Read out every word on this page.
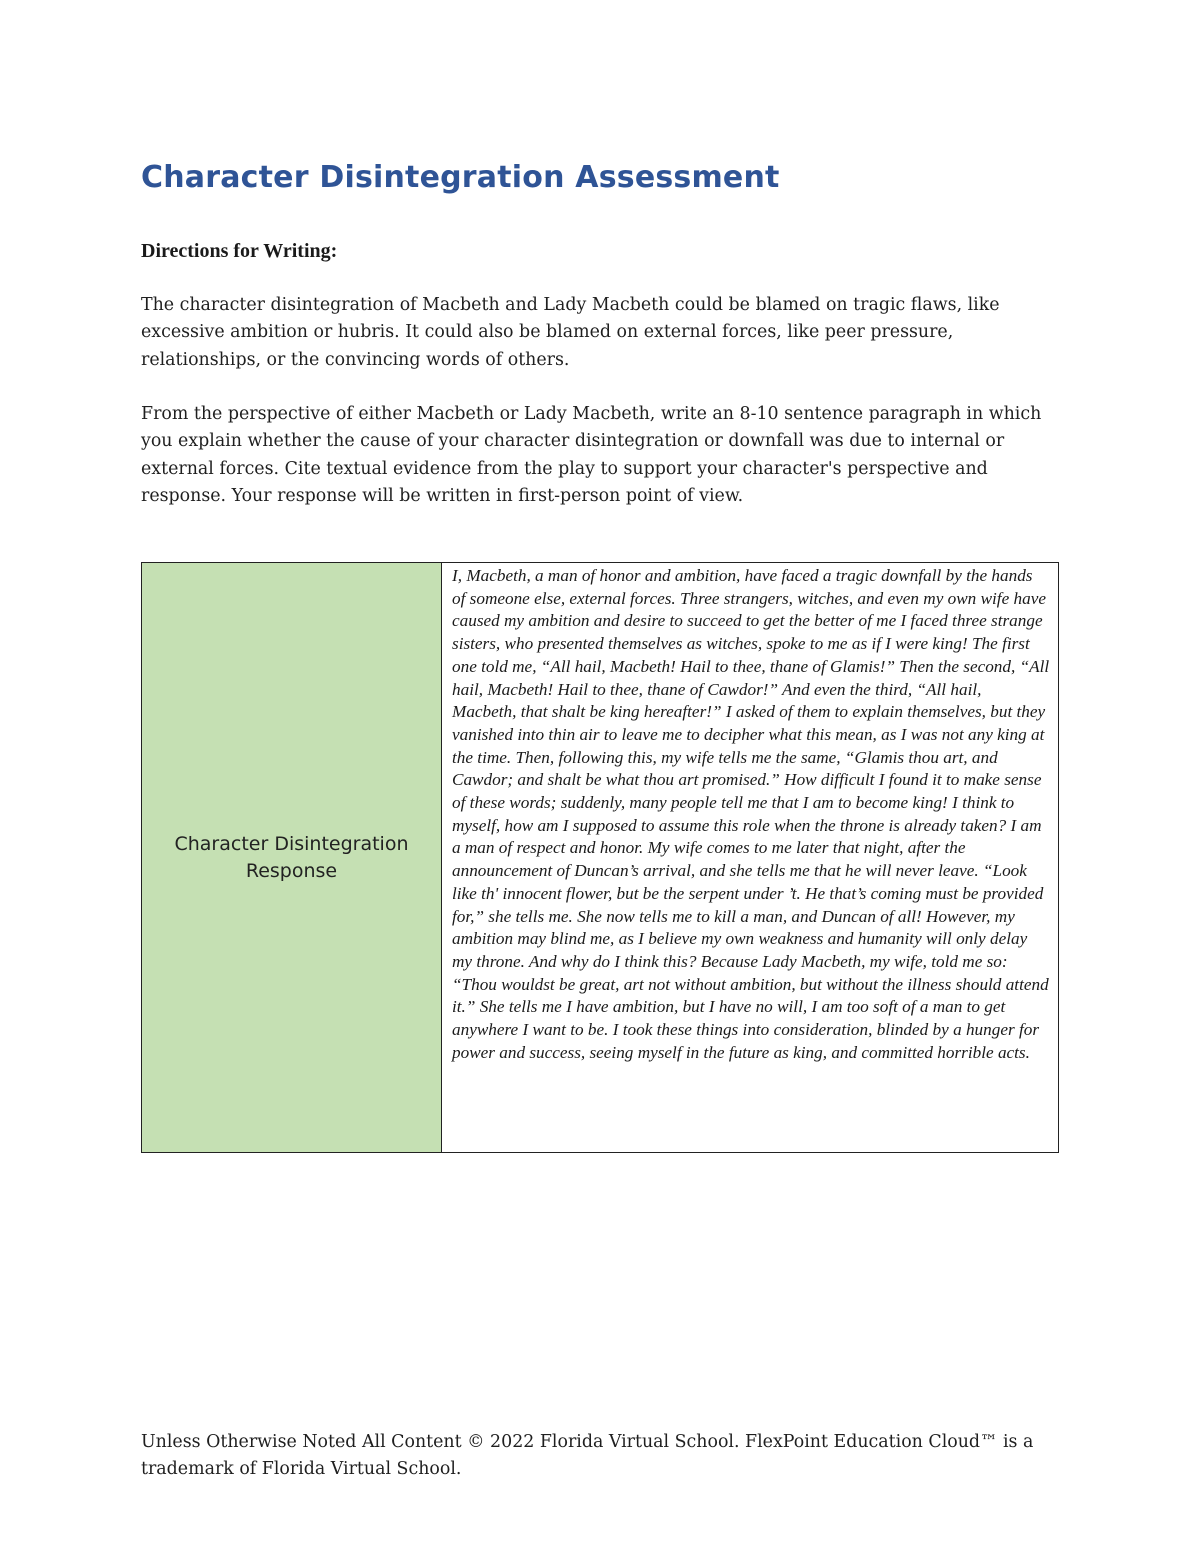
Character Disintegration Assessment

Directions for Writing:

The character disintegration of Macbeth and Lady Macbeth could be blamed on tragic flaws, like excessive ambition or hubris. It could also be blamed on external forces, like peer pressure, relationships, or the convincing words of others.

From the perspective of either Macbeth or Lady Macbeth, write an 8-10 sentence paragraph in which you explain whether the cause of your character disintegration or downfall was due to internal or external forces. Cite textual evidence from the play to support your character's perspective and response. Your response will be written in first-person point of view.

Character Disintegration Response	

I, Macbeth, a man of honor and ambition, have faced a tragic downfall by the hands of someone else, external forces. Three strangers, witches, and even my own wife have caused my ambition and desire to succeed to get the better of me I faced three strange sisters, who presented themselves as witches, spoke to me as if I were king! The first one told me, “All hail, Macbeth! Hail to thee, thane of Glamis!” Then the second, “All hail, Macbeth! Hail to thee, thane of Cawdor!” And even the third, “All hail, Macbeth, that shalt be king hereafter!” I asked of them to explain themselves, but they vanished into thin air to leave me to decipher what this mean, as I was not any king at the time. Then, following this, my wife tells me the same, “Glamis thou art, and Cawdor; and shalt be what thou art promised.” How difficult I found it to make sense of these words; suddenly, many people tell me that I am to become king! I think to myself, how am I supposed to assume this role when the throne is already taken? I am a man of respect and honor. My wife comes to me later that night, after the announcement of Duncan’s arrival, and she tells me that he will never leave. “Look like th' innocent flower, but be the serpent under ’t. He that’s coming must be provided for,” she tells me. She now tells me to kill a man, and Duncan of all! However, my ambition may blind me, as I believe my own weakness and humanity will only delay my throne. And why do I think this? Because Lady Macbeth, my wife, told me so: “Thou wouldst be great, art not without ambition, but without the illness should attend it.” She tells me I have ambition, but I have no will, I am too soft of a man to get anywhere I want to be. I took these things into consideration, blinded by a hunger for power and success, seeing myself in the future as king, and committed horrible acts.

Unless Otherwise Noted All Content © 2022 Florida Virtual School. FlexPoint Education Cloud™ is a trademark of Florida Virtual School.
